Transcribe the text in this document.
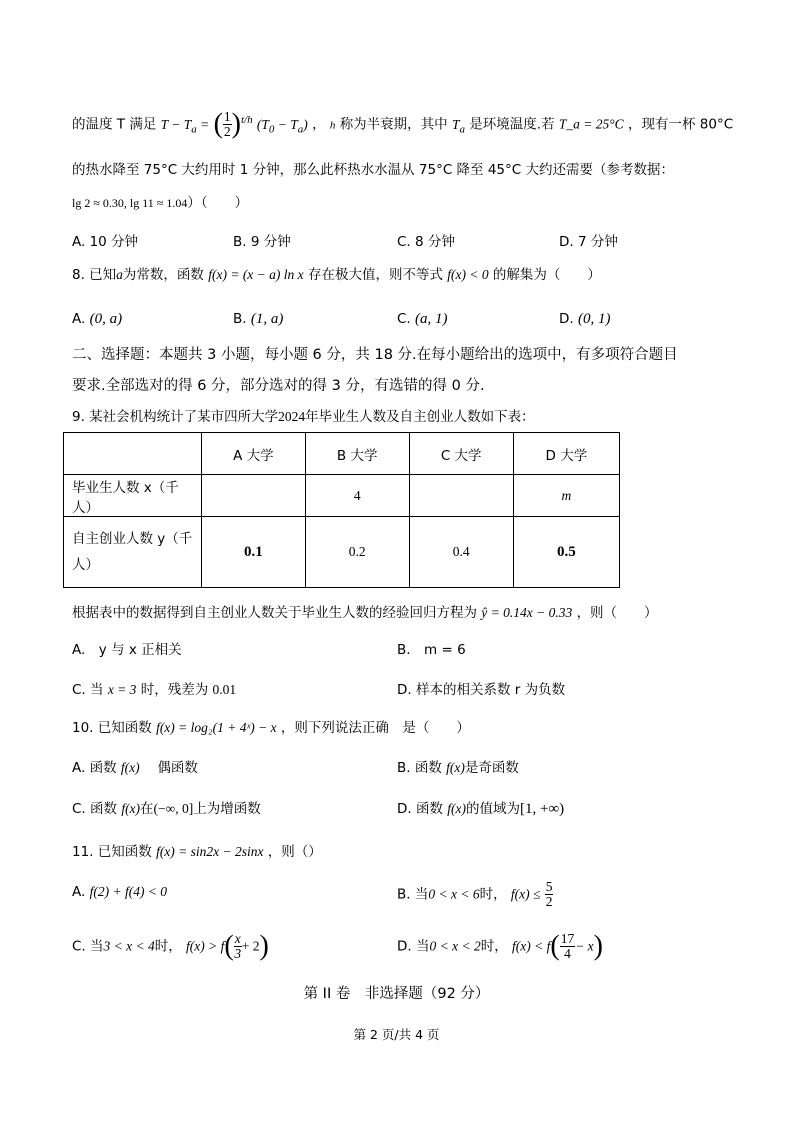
的温度 T 满足 $T - T_a$ = ( $\frac{1}{2} )^{t/h}$ $(T_0 - T_a)$ ， h 称为半衰期，其中 $T_a$ 是环境温度.若 T_a = 25°C ，现有一杯 80°C
的热水降至 75°C 大约用时 1 分钟，那么此杯热水水温从 75°C 降至 45°C 大约还需要（参考数据：
lg 2 ≈ 0.30, lg 11 ≈ 1.04）（　　）
A. 10 分钟	B. 9 分钟	C. 8 分钟	D. 7 分钟
8. 已知a为常数，函数 f(x) = (x − a) ln x 存在极大值，则不等式 f(x) < 0 的解集为（　　）
A. (0, a)	B. (1, a)	C. (a, 1)	D. (0, 1)
二、选择题：本题共 3 小题，每小题 6 分，共 18 分.在每小题给出的选项中，有多项符合题目
要求.全部选对的得 6 分，部分选对的得 3 分，有选错的得 0 分.
9. 某社会机构统计了某市四所大学2024年毕业生人数及自主创业人数如下表：
	A 大学	B 大学	C 大学	D 大学
毕业生人数 x（千人）		4		m
自主创业人数 y（千
人）	0.1	0.2	0.4	0.5
根据表中的数据得到自主创业人数关于毕业生人数的经验回归方程为 ŷ = 0.14x − 0.33 ，则（　　）
A.　y 与 x 正相关	B.　m = 6
C. 当 x = 3 时，残差为 0.01	D. 样本的相关系数 r 为负数
10. 已知函数 f(x) = log₂(1 + 4ˣ) − x ，则下列说法正确　是（　　）
A. 函数 f(x) 　偶函数	B. 函数 f(x)是奇函数
C. 函数 f(x)在(−∞, 0]上为增函数	D. 函数 f(x)的值域为[1, +∞)
11. 已知函数 f(x) = sin2x − 2sinx ，则（）
A. f(2) + f(4) < 0	B. 当0 < x < 6时， $f(x) \le \frac{5}{2}$
C. 当3 < x < 4时， $f(x) > f( \frac{x}{3} + 2)$	D. 当0 < x < 2时， $f(x) < f( \frac{17}{4} - x)$
第 II 卷　非选择题（92 分）
第 2 页/共 4 页
